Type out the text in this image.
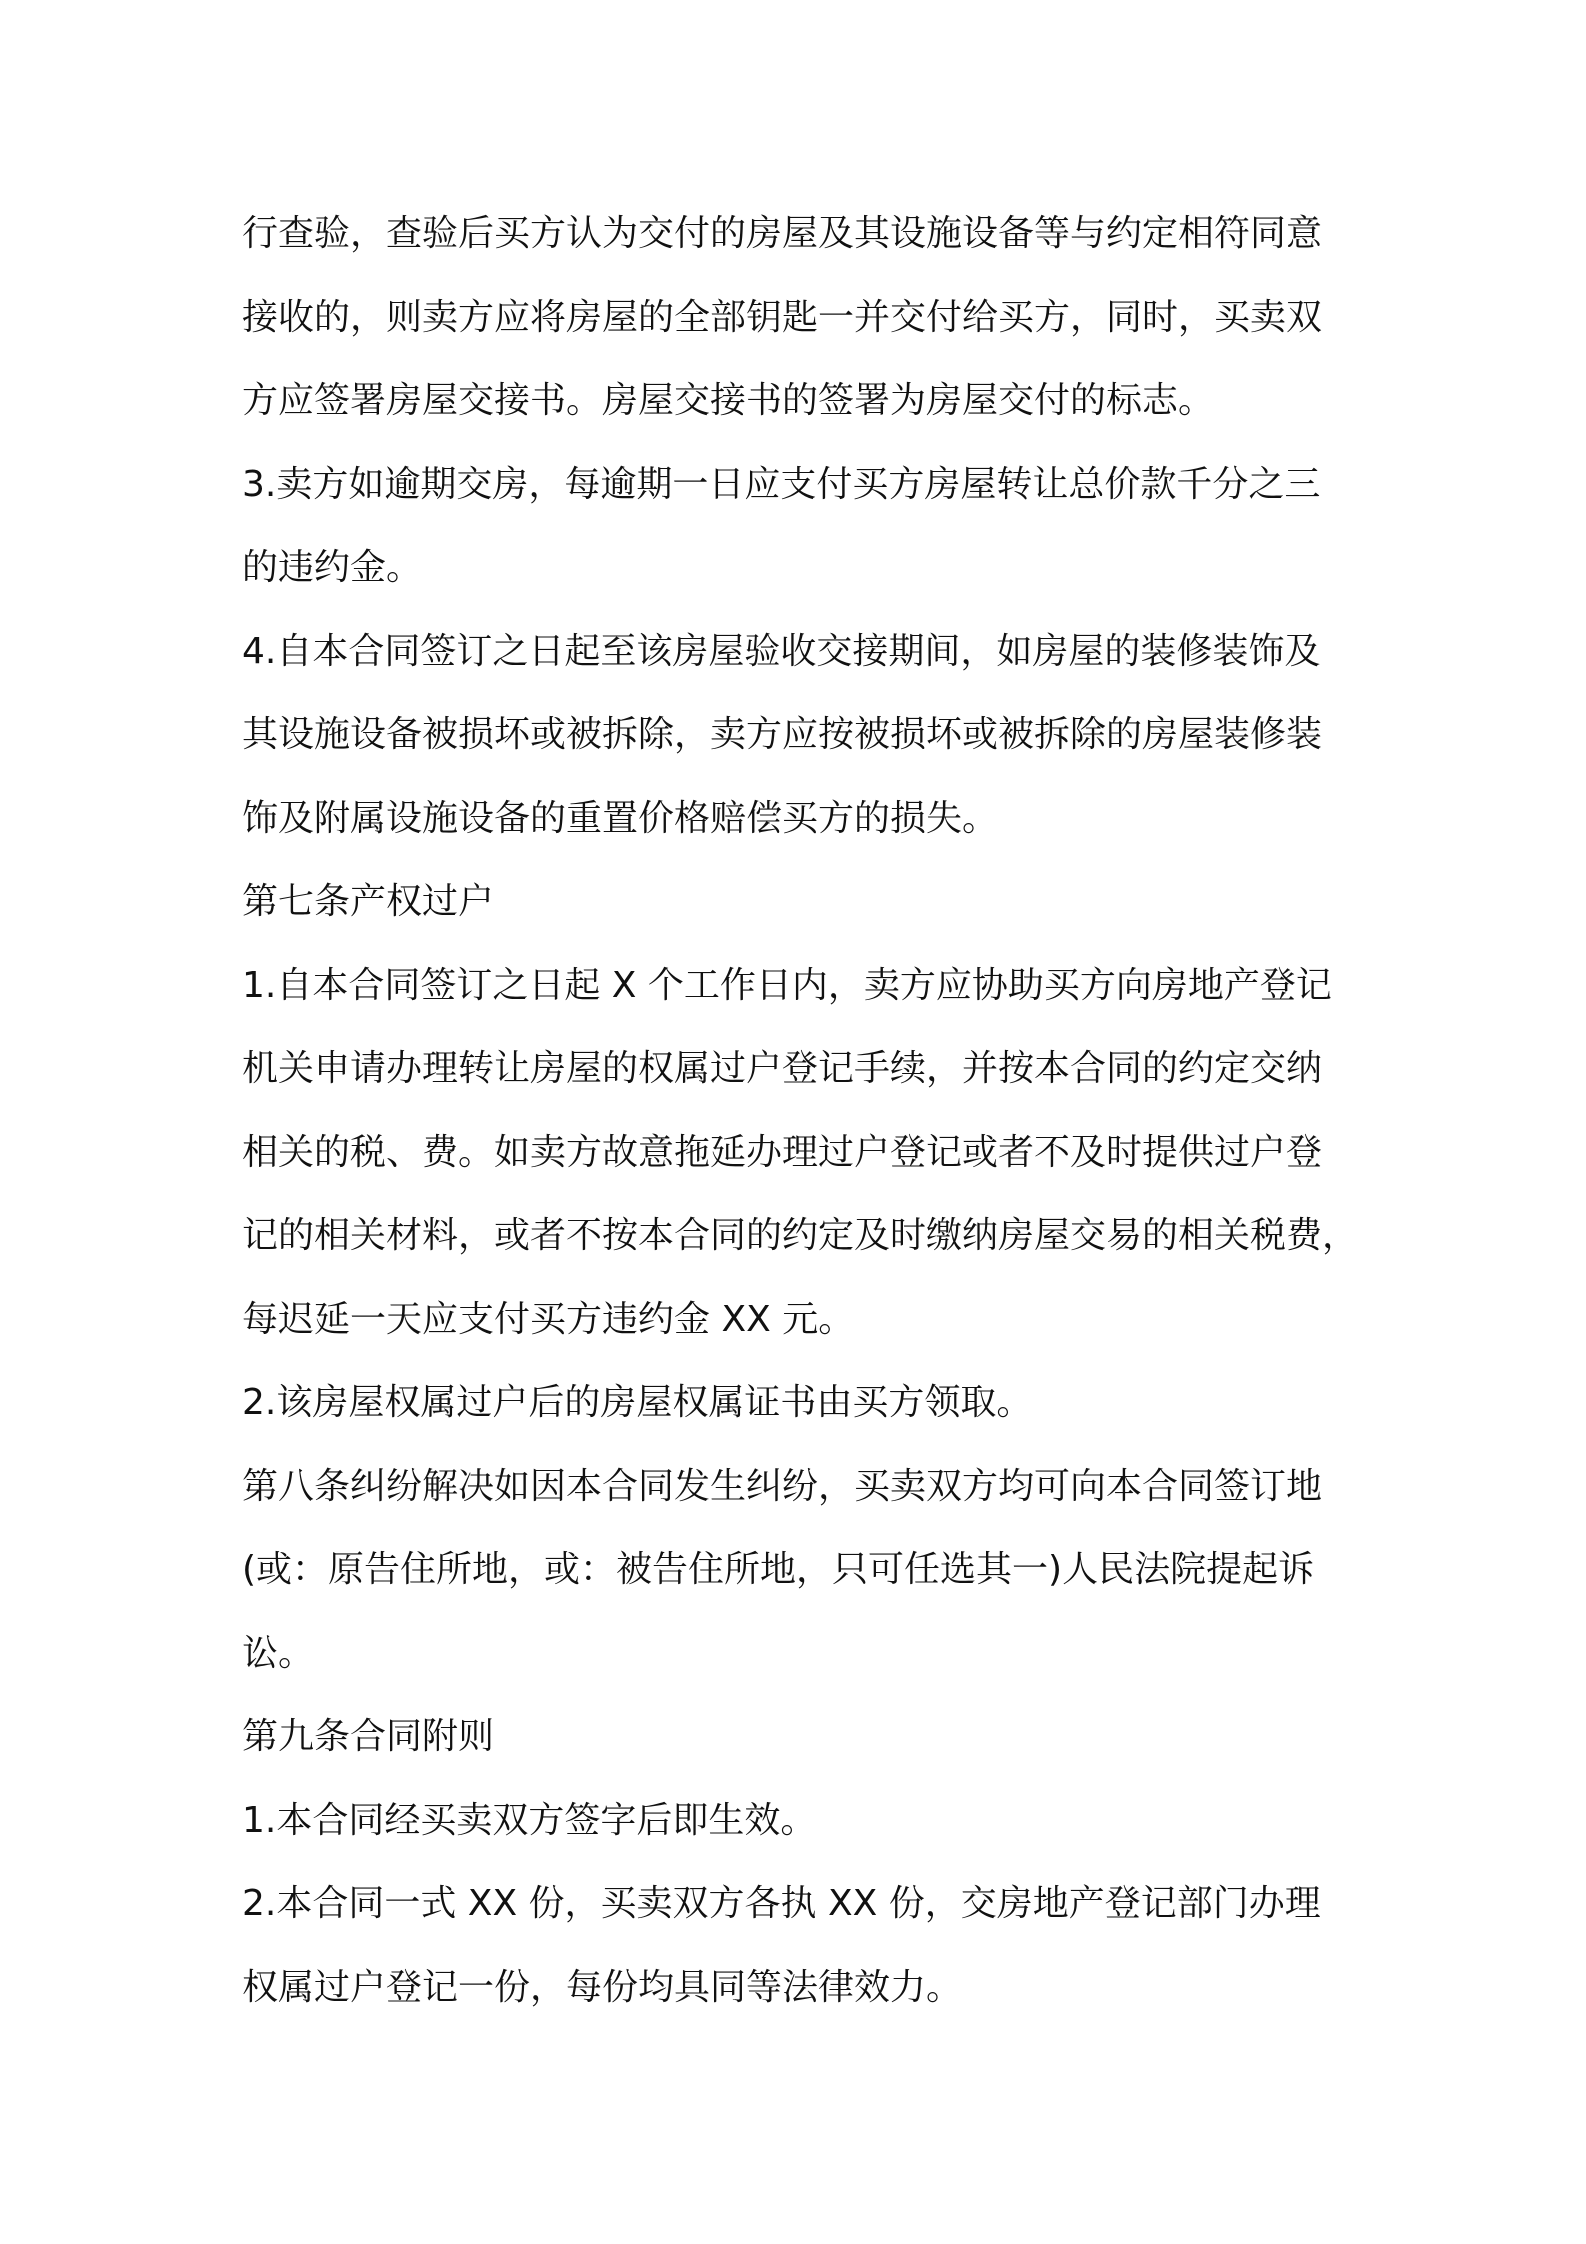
行查验，查验后买方认为交付的房屋及其设施设备等与约定相符同意
接收的，则卖方应将房屋的全部钥匙一并交付给买方，同时，买卖双
方应签署房屋交接书。房屋交接书的签署为房屋交付的标志。
3.卖方如逾期交房，每逾期一日应支付买方房屋转让总价款千分之三
的违约金。
4.自本合同签订之日起至该房屋验收交接期间，如房屋的装修装饰及
其设施设备被损坏或被拆除，卖方应按被损坏或被拆除的房屋装修装
饰及附属设施设备的重置价格赔偿买方的损失。
第七条产权过户
1.自本合同签订之日起 X 个工作日内，卖方应协助买方向房地产登记
机关申请办理转让房屋的权属过户登记手续，并按本合同的约定交纳
相关的税、费。如卖方故意拖延办理过户登记或者不及时提供过户登
记的相关材料，或者不按本合同的约定及时缴纳房屋交易的相关税费，
每迟延一天应支付买方违约金 XX 元。
2.该房屋权属过户后的房屋权属证书由买方领取。
第八条纠纷解决如因本合同发生纠纷，买卖双方均可向本合同签订地
(或：原告住所地，或：被告住所地，只可任选其一)人民法院提起诉
讼。
第九条合同附则
1.本合同经买卖双方签字后即生效。
2.本合同一式 XX 份，买卖双方各执 XX 份，交房地产登记部门办理
权属过户登记一份，每份均具同等法律效力。
